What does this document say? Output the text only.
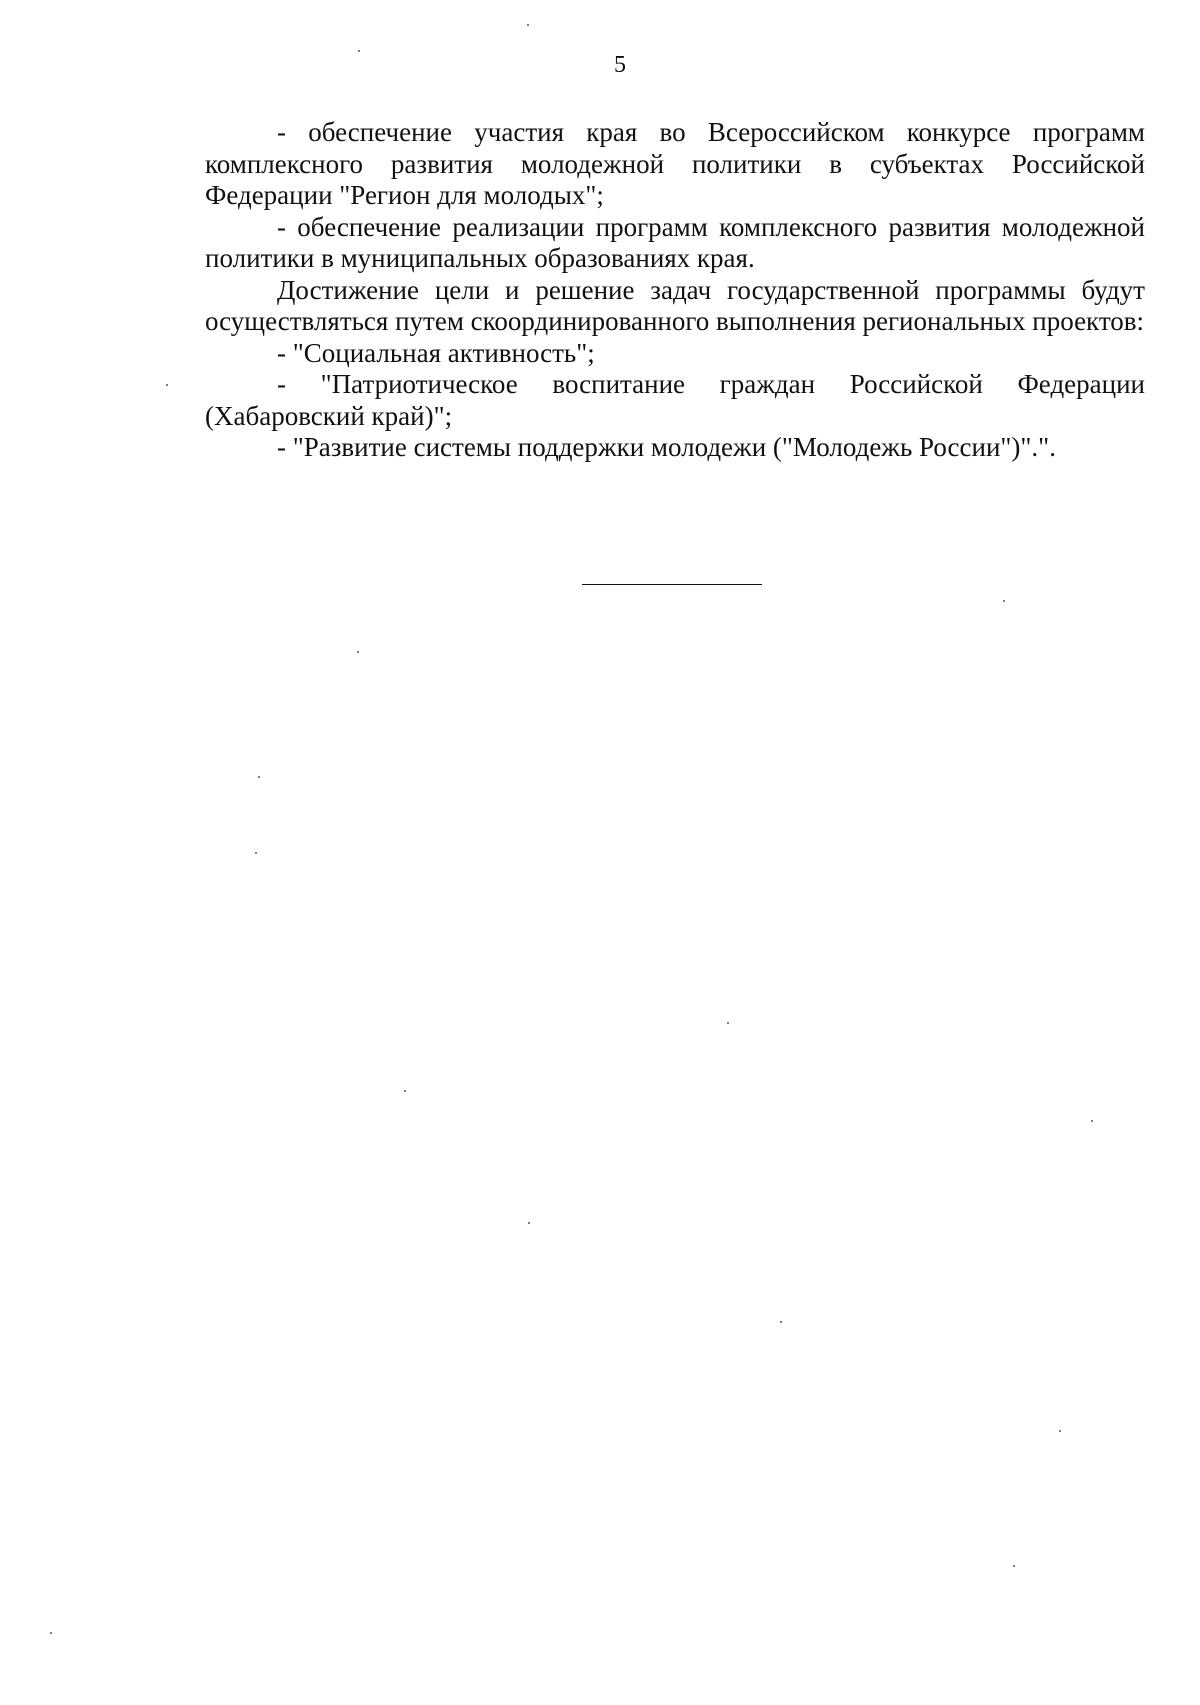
5

- обеспечение участия края во Всероссийском конкурсе программ комплексного развития молодежной политики в субъектах Российской Федерации "Регион для молодых";

- обеспечение реализации программ комплексного развития молодежной политики в муниципальных образованиях края.

Достижение цели и решение задач государственной программы будут осуществляться путем скоординированного выполнения региональных проектов:

- "Социальная активность";

- "Патриотическое воспитание граждан Российской Федерации (Хабаровский край)";

- "Развитие системы поддержки молодежи ("Молодежь России")".".
